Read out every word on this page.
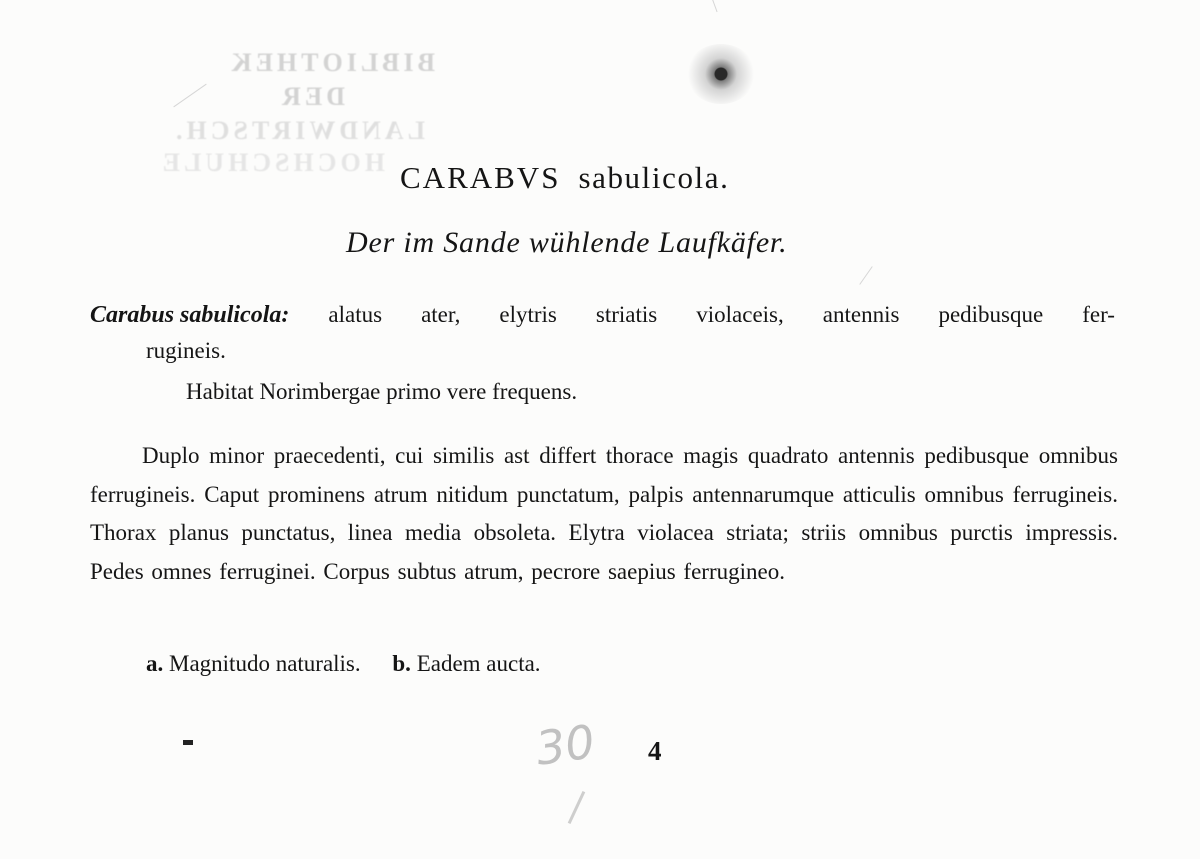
BIBLIOTHEK
DER
LANDWIRTSCH.
HOCHSCHULE CARABVS sabulicola.
Der im Sande wühlende Laufkäfer.
Carabus sabulicola: alatus ater, elytris striatis violaceis, antennis pedibusque fer-
rugineis.
Habitat Norimbergae primo vere frequens.
Duplo minor praecedenti, cui similis ast differt thorace magis quadrato antennis pedibusque omnibus ferrugineis. Caput prominens atrum nitidum punctatum, palpis antennarumque atticulis omnibus ferrugineis. Thorax planus punctatus, linea media obsoleta. Elytra violacea striata; striis omnibus purctis impressis. Pedes omnes ferruginei. Corpus subtus atrum, pecrore saepius ferrugineo.
a. Magnitudo naturalis. b. Eadem aucta.
30 4
